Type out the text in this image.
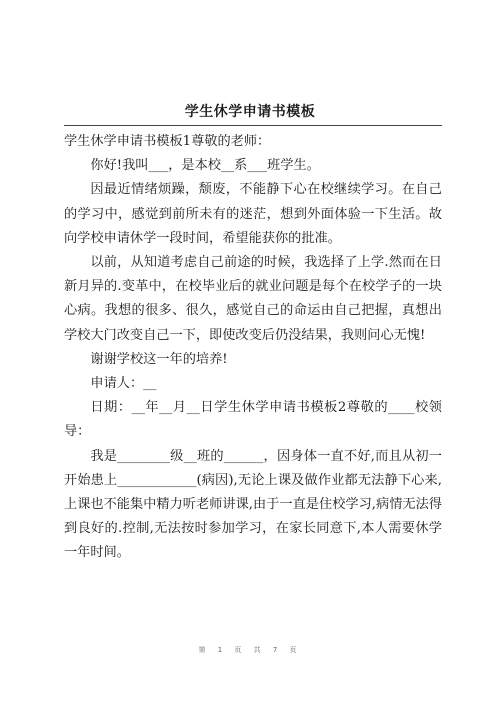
学生休学申请书模板

学生休学申请书模板1尊敬的老师：

你好!我叫___，是本校__系___班学生。

因最近情绪烦躁，颓废，不能静下心在校继续学习。在自己的学习中，感觉到前所未有的迷茫，想到外面体验一下生活。故向学校申请休学一段时间，希望能获你的批准。

以前，从知道考虑自己前途的时候，我选择了上学.然而在日新月异的.变革中，在校毕业后的就业问题是每个在校学子的一块心病。我想的很多、很久，感觉自己的命运由自己把握，真想出学校大门改变自己一下，即使改变后仍没结果，我则问心无愧!

谢谢学校这一年的培养!

申请人：__

日期：__年__月__日学生休学申请书模板2尊敬的____校领导：

我是________级__班的______，因身体一直不好,而且从初一开始患上____________(病因),无论上课及做作业都无法静下心来,上课也不能集中精力听老师讲课,由于一直是住校学习,病情无法得到良好的.控制,无法按时参加学习，在家长同意下,本人需要休学一年时间。

第 1 页 共 7 页
